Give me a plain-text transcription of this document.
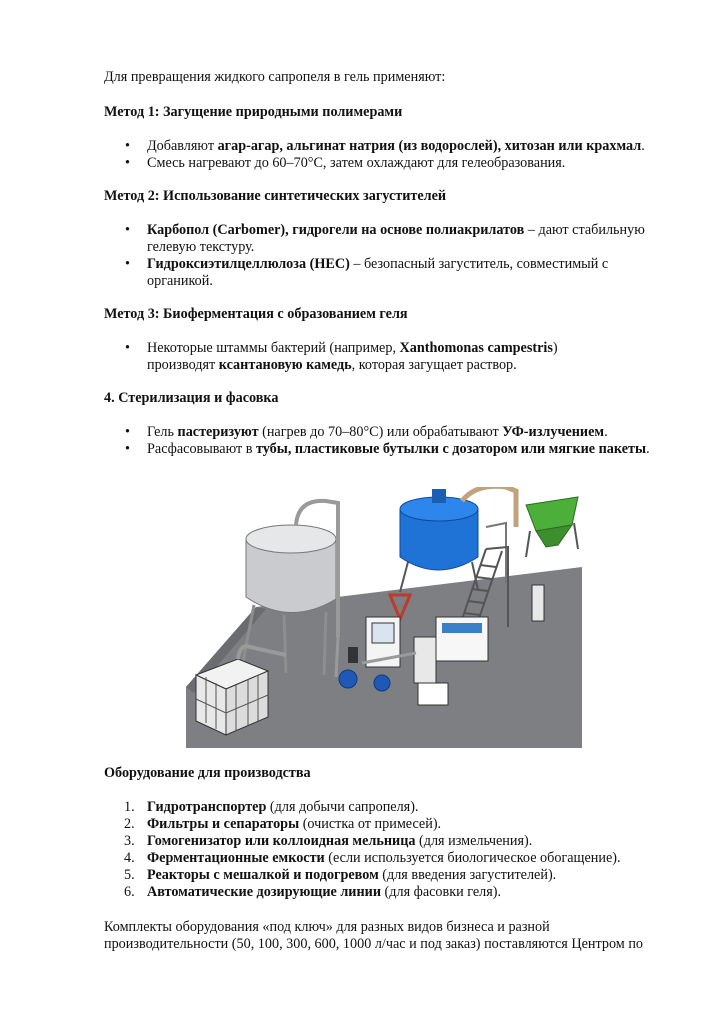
Для превращения жидкого сапропеля в гель применяют:

Метод 1: Загущение природными полимерами

• Добавляют агар-агар, альгинат натрия (из водорослей), хитозан или крахмал.
• Смесь нагревают до 60–70°C, затем охлаждают для гелеобразования.

Метод 2: Использование синтетических загустителей

• Карбопол (Carbomer), гидрогели на основе полиакрилатов – дают стабильную
гелевую текстуру.
• Гидроксиэтилцеллюлоза (HEC) – безопасный загуститель, совместимый с
органикой.

Метод 3: Биоферментация с образованием геля

• Некоторые штаммы бактерий (например, Xanthomonas campestris)
производят ксантановую камедь, которая загущает раствор.

4. Стерилизация и фасовка

• Гель пастеризуют (нагрев до 70–80°C) или обрабатывают УФ-излучением.
• Расфасовывают в тубы, пластиковые бутылки с дозатором или мягкие пакеты.

Оборудование для производства

1. Гидротранспортер (для добычи сапропеля).
2. Фильтры и сепараторы (очистка от примесей).
3. Гомогенизатор или коллоидная мельница (для измельчения).
4. Ферментационные емкости (если используется биологическое обогащение).
5. Реакторы с мешалкой и подогревом (для введения загустителей).
6. Автоматические дозирующие линии (для фасовки геля).

Комплекты оборудования «под ключ» для разных видов бизнеса и разной

производительности (50, 100, 300, 600, 1000 л/час и под заказ) поставляются Центром по
